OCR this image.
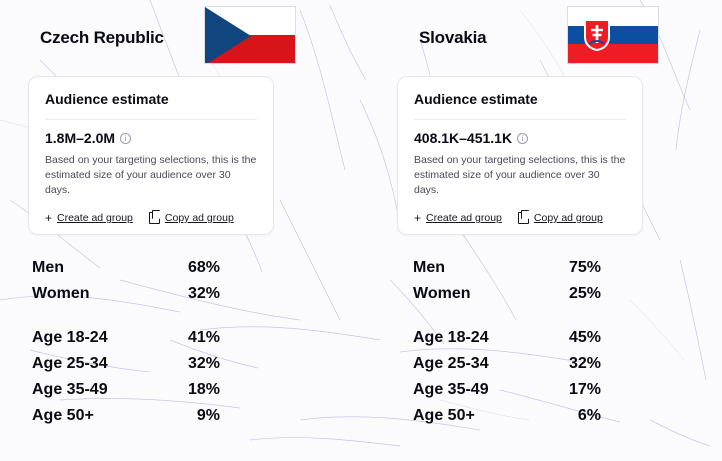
Czech Republic
Audience estimate
1.8M–2.0M	i
Based on your targeting selections, this is the estimated size of your audience over 30 days.
+ Create ad group	Copy ad group
Men	68%
Women	32%
Age 18-24	41%
Age 25-34	32%
Age 35-49	18%
Age 50+	9%
Slovakia
Audience estimate
408.1K–451.1K	i
Based on your targeting selections, this is the estimated size of your audience over 30 days.
+ Create ad group	Copy ad group
Men	75%
Women	25%
Age 18-24	45%
Age 25-34	32%
Age 35-49	17%
Age 50+	6%
